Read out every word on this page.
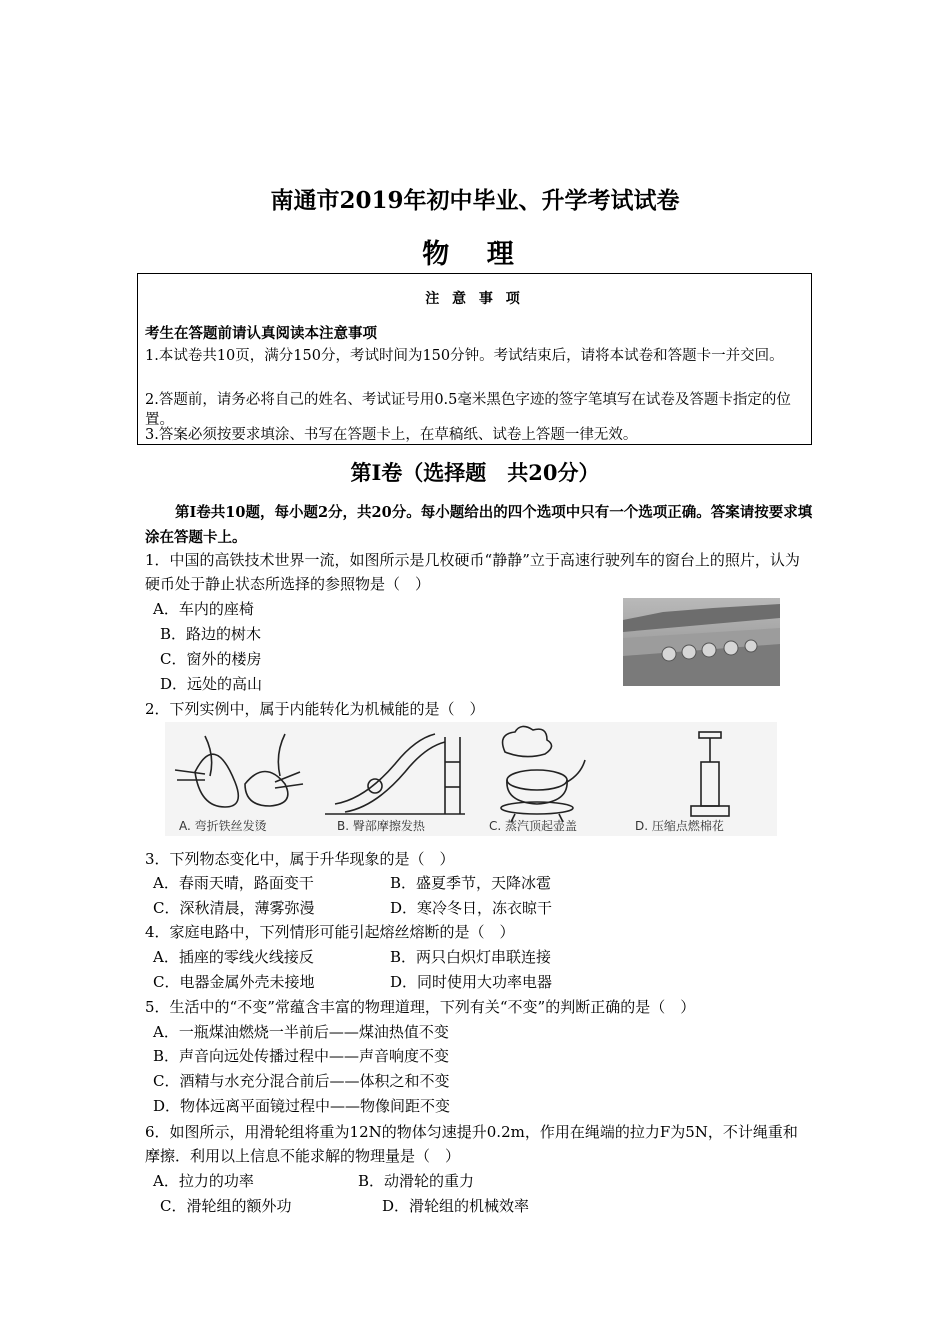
南通市2019年初中毕业、升学考试试卷
物 理
注 意 事 项
考生在答题前请认真阅读本注意事项
1.本试卷共10页，满分150分，考试时间为150分钟。考试结束后，请将本试卷和答题卡一并交回。
2.答题前，请务必将自己的姓名、考试证号用0.5毫米黑色字迹的签字笔填写在试卷及答题卡指定的位置。
3.答案必须按要求填涂、书写在答题卡上，在草稿纸、试卷上答题一律无效。
第Ⅰ卷（选择题　共20分）
第Ⅰ卷共10题，每小题2分，共20分。每小题给出的四个选项中只有一个选项正确。答案请按要求填涂在答题卡上。
1．中国的高铁技术世界一流，如图所示是几枚硬币“静静”立于高速行驶列车的窗台上的照片，认为硬币处于静止状态所选择的参照物是（　）
A．车内的座椅
B．路边的树木
C．窗外的楼房
D．远处的高山
2．下列实例中，属于内能转化为机械能的是（　）
A. 弯折铁丝发烫	B. 臀部摩擦发热	C. 蒸汽顶起壶盖	D. 压缩点燃棉花
3．下列物态变化中，属于升华现象的是（　）
A．春雨天晴，路面变干	B．盛夏季节，天降冰雹
C．深秋清晨，薄雾弥漫	D．寒冷冬日，冻衣晾干
4．家庭电路中，下列情形可能引起熔丝熔断的是（　）
A．插座的零线火线接反	B．两只白炽灯串联连接
C．电器金属外壳未接地	D．同时使用大功率电器
5．生活中的“不变”常蕴含丰富的物理道理，下列有关“不变”的判断正确的是（　）
A．一瓶煤油燃烧一半前后——煤油热值不变
B．声音向远处传播过程中——声音响度不变
C．酒精与水充分混合前后——体积之和不变
D．物体远离平面镜过程中——物像间距不变
6．如图所示，用滑轮组将重为12N的物体匀速提升0.2m，作用在绳端的拉力F为5N，不计绳重和摩擦．利用以上信息不能求解的物理量是（　）
A．拉力的功率	B．动滑轮的重力
C．滑轮组的额外功	D．滑轮组的机械效率
